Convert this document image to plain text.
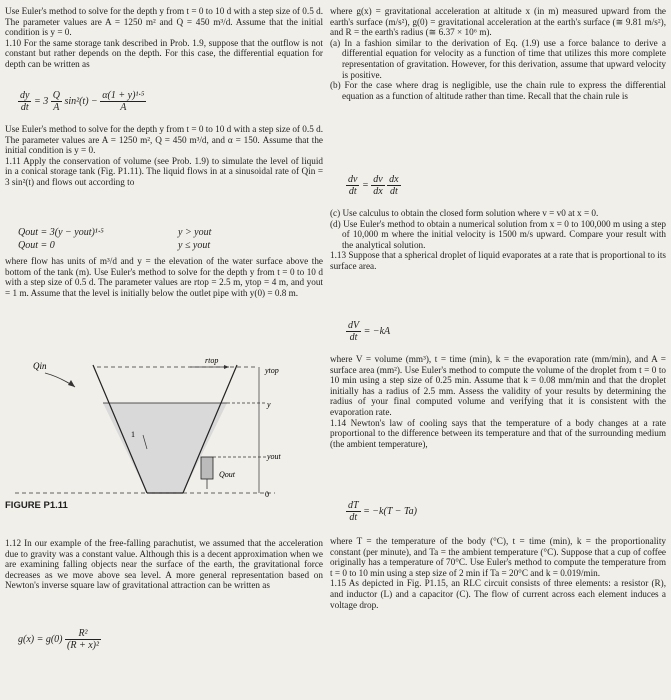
Use Euler's method to solve for the depth y from t = 0 to 10 d with a step size of 0.5 d. The parameter values are A = 1250 m² and Q = 450 m³/d. Assume that the initial condition is y = 0.

1.10 For the same storage tank described in Prob. 1.9, suppose that the outflow is not constant but rather depends on the depth. For this case, the differential equation for depth can be written as

$\frac{dy}{dt} = 3 \frac{Q}{A} \sin^2(t) - \frac{\text{α(1 + y)¹·⁵}}{A}$

Use Euler's method to solve for the depth y from t = 0 to 10 d with a step size of 0.5 d. The parameter values are A = 1250 m², Q = 450 m³/d, and α = 150. Assume that the initial condition is y = 0.

1.11 Apply the conservation of volume (see Prob. 1.9) to simulate the level of liquid in a conical storage tank (Fig. P1.11). The liquid flows in at a sinusoidal rate of Qin = 3 sin²(t) and flows out according to

Qout = 3(y − yout)¹·⁵	y > yout
Qout = 0	y ≤ yout

where flow has units of m³/d and y = the elevation of the water surface above the bottom of the tank (m). Use Euler's method to solve for the depth y from t = 0 to 10 d with a step size of 0.5 d. The parameter values are rtop = 2.5 m, ytop = 4 m, and yout = 1 m. Assume that the level is initially below the outlet pipe with y(0) = 0.8 m.

Qin
rtop
ytop
y
yout
Qout
1
0
FIGURE P1.11

1.12 In our example of the free-falling parachutist, we assumed that the acceleration due to gravity was a constant value. Although this is a decent approximation when we are examining falling objects near the surface of the earth, the gravitational force decreases as we move above sea level. A more general representation based on Newton's inverse square law of gravitational attraction can be written as

$g(x) = g(0) \frac{\text{R²}}{\text{(R + x)²}}$

where g(x) = gravitational acceleration at altitude x (in m) measured upward from the earth's surface (m/s²), g(0) = gravitational acceleration at the earth's surface (≅ 9.81 m/s²), and R = the earth's radius (≅ 6.37 × 10⁶ m).

(a) In a fashion similar to the derivation of Eq. (1.9) use a force balance to derive a differential equation for velocity as a function of time that utilizes this more complete representation of gravitation. However, for this derivation, assume that upward velocity is positive.
(b) For the case where drag is negligible, use the chain rule to express the differential equation as a function of altitude rather than time. Recall that the chain rule is
$\frac{dv}{dt} = \frac{dv}{dx}$
$\frac{dx}{dt}$
(c) Use calculus to obtain the closed form solution where v = v0 at x = 0.
(d) Use Euler's method to obtain a numerical solution from x = 0 to 100,000 m using a step of 10,000 m where the initial velocity is 1500 m/s upward. Compare your result with the analytical solution.

1.13 Suppose that a spherical droplet of liquid evaporates at a rate that is proportional to its surface area.

$\frac{dV}{dt} = -kA$

where V = volume (mm³), t = time (min), k = the evaporation rate (mm/min), and A = surface area (mm²). Use Euler's method to compute the volume of the droplet from t = 0 to 10 min using a step size of 0.25 min. Assume that k = 0.08 mm/min and that the droplet initially has a radius of 2.5 mm. Assess the validity of your results by determining the radius of your final computed volume and verifying that it is consistent with the evaporation rate.

1.14 Newton's law of cooling says that the temperature of a body changes at a rate proportional to the difference between its temperature and that of the surrounding medium (the ambient temperature),

$\frac{dT}{dt} = -k(T - Ta)$

where T = the temperature of the body (°C), t = time (min), k = the proportionality constant (per minute), and Ta = the ambient temperature (°C). Suppose that a cup of coffee originally has a temperature of 70°C. Use Euler's method to compute the temperature from t = 0 to 10 min using a step size of 2 min if Ta = 20°C and k = 0.019/min.

1.15 As depicted in Fig. P1.15, an RLC circuit consists of three elements: a resistor (R), and inductor (L) and a capacitor (C). The flow of current across each element induces a voltage drop.
